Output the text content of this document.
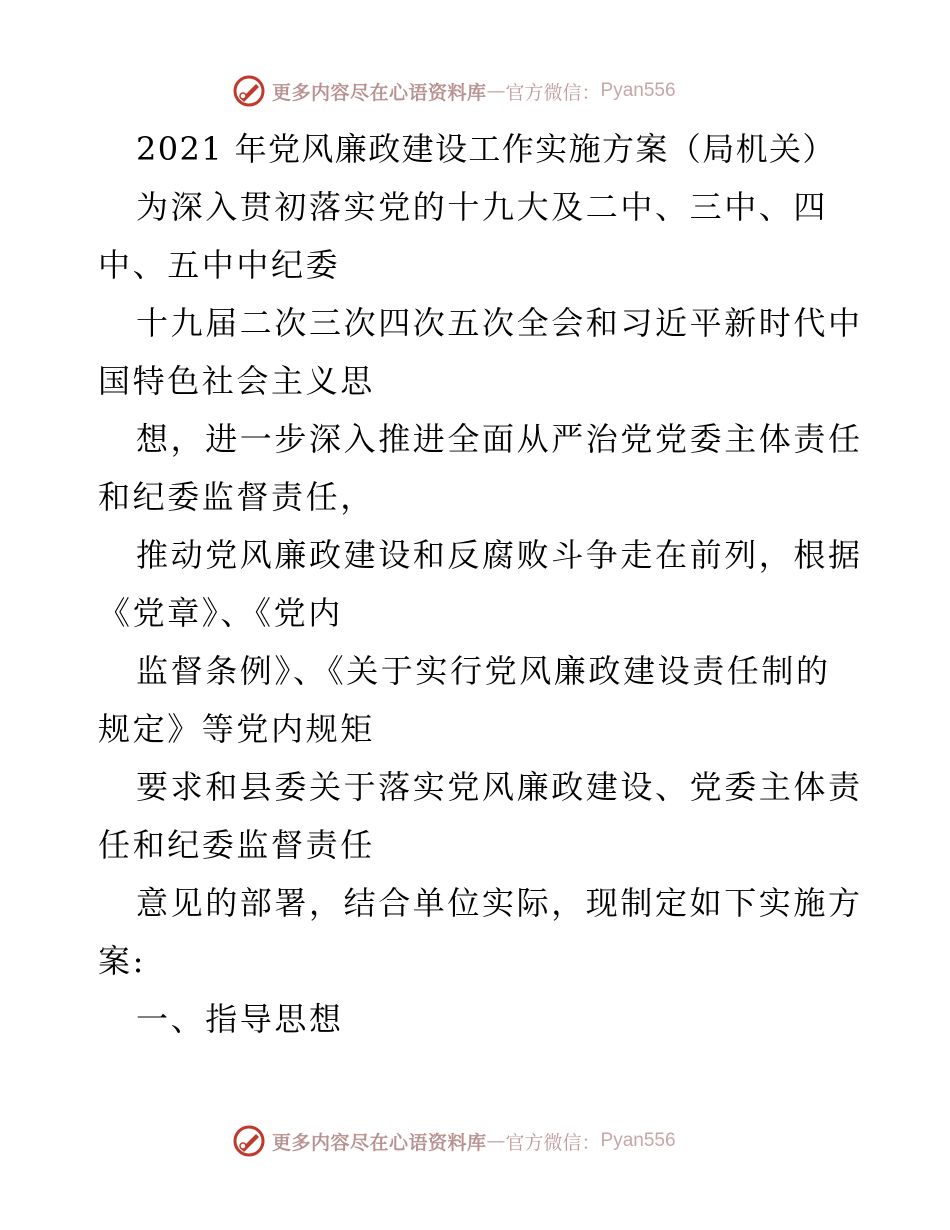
更多内容尽在心语资料库 — 官方微信： Pyan556

2021 年党风廉政建设工作实施方案（局机关）

为深入贯初落实党的十九大及二中、三中、四

中、五中中纪委

十九届二次三次四次五次全会和习近平新时代中

国特色社会主义思

想，进一步深入推进全面从严治党党委主体责任

和纪委监督责任，

推动党风廉政建设和反腐败斗争走在前列，根据

《党章》、《党内

监督条例》、《关于实行党风廉政建设责任制的

规定》等党内规矩

要求和县委关于落实党风廉政建设、党委主体责

任和纪委监督责任

意见的部署，结合单位实际，现制定如下实施方

案:

一、指导思想

更多内容尽在心语资料库 — 官方微信： Pyan556
